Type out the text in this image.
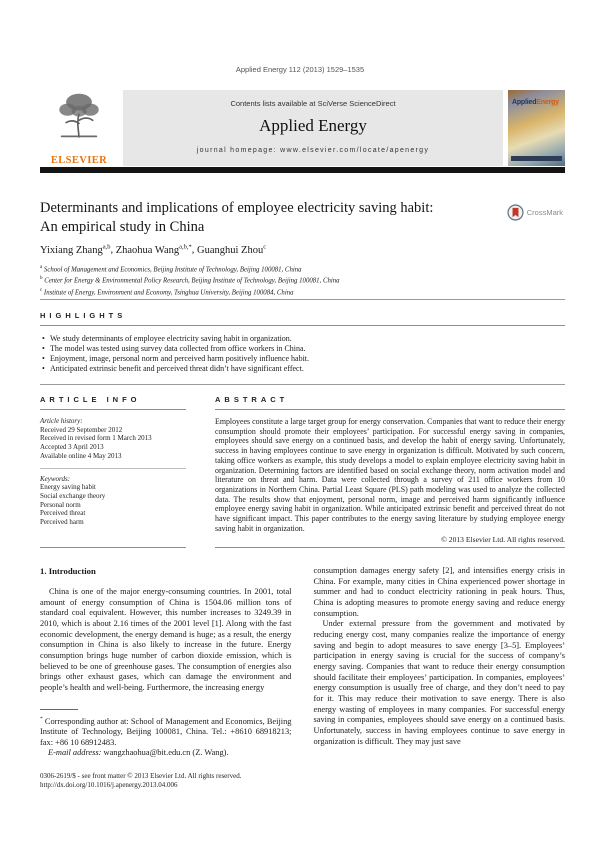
Applied Energy 112 (2013) 1529–1535
ELSEVIER
Contents lists available at SciVerse ScienceDirect
Applied Energy
journal homepage: www.elsevier.com/locate/apenergy
AppliedEnergy
Determinants and implications of employee electricity saving habit:
An empirical study in China
CrossMark
Yixiang Zhang$^{a,b}$, Zhaohua Wang$^{a,b,*}$, Guanghui Zhou$^c$
$^a$ School of Management and Economics, Beijing Institute of Technology, Beijing 100081, China
$^b$ Center for Energy & Environmental Policy Research, Beijing Institute of Technology, Beijing 100081, China
$^c$ Institute of Energy, Environment and Economy, Tsinghua University, Beijing 100084, China
HIGHLIGHTS
• We study determinants of employee electricity saving habit in organization.
• The model was tested using survey data collected from office workers in China.
• Enjoyment, image, personal norm and perceived harm positively influence habit.
• Anticipated extrinsic benefit and perceived threat didn’t have significant effect.
ARTICLE INFO
Article history:
Received 29 September 2012
Received in revised form 1 March 2013
Accepted 3 April 2013
Available online 4 May 2013
Keywords:
Energy saving habit
Social exchange theory
Personal norm
Perceived threat
Perceived harm
ABSTRACT

Employees constitute a large target group for energy conservation. Companies that want to reduce their energy consumption should promote their employees’ participation. For successful energy saving in companies, employees should save energy on a continued basis, and develop the habit of energy saving. Unfortunately, success in having employees continue to save energy in organization is difficult. Motivated by such concern, taking office workers as example, this study develops a model to explain employee electricity saving habit in organization. Determining factors are identified based on social exchange theory, norm activation model and literature on threat and harm. Data were collected through a survey of 211 office workers from 10 organizations in Northern China. Partial Least Square (PLS) path modeling was used to analyze the collected data. The results show that enjoyment, personal norm, image and perceived harm significantly influence employee energy saving habit in organization. While anticipated extrinsic benefit and perceived threat do not have significant impact. This paper contributes to the energy saving literature by studying employee energy saving habit in organization.

© 2013 Elsevier Ltd. All rights reserved.
1. Introduction

China is one of the major energy-consuming countries. In 2001, total amount of energy consumption of China is 1504.06 million tons of standard coal equivalent. However, this number increases to 3249.39 in 2010, which is about 2.16 times of the 2001 level [1]. Along with the fast economic development, the energy demand is huge; as a result, the energy consumption in China is also likely to increase in the future. Energy consumption brings huge number of carbon dioxide emission, which is believed to be one of greenhouse gases. The consumption of energies also brings other exhaust gases, which can damage the environment and people’s health and well-being. Furthermore, the increasing energy

* Corresponding author at: School of Management and Economics, Beijing Institute of Technology, Beijing 100081, China. Tel.: +8610 68918213; fax: +86 10 68912483.

E-mail address: wangzhaohua@bit.edu.cn (Z. Wang).

consumption damages energy safety [2], and intensifies energy crisis in China. For example, many cities in China experienced power shortage in summer and had to conduct electricity rationing in peak hours. Thus, China is adopting measures to promote energy saving and reduce energy consumption.

Under external pressure from the government and motivated by reducing energy cost, many companies realize the importance of energy saving and begin to adopt measures to save energy [3–5]. Employees’ participation in energy saving is crucial for the success of company’s energy saving. Companies that want to reduce their energy consumption should facilitate their employees’ participation. In companies, employees’ energy consumption is usually free of charge, and they don’t need to pay for it. This may reduce their motivation to save energy. There is also energy wasting of employees in many companies. For successful energy saving in companies, employees should save energy on a continued basis. Unfortunately, success in having employees continue to save energy in organization is difficult. They may just save

0306-2619/$ - see front matter © 2013 Elsevier Ltd. All rights reserved.
http://dx.doi.org/10.1016/j.apenergy.2013.04.006
